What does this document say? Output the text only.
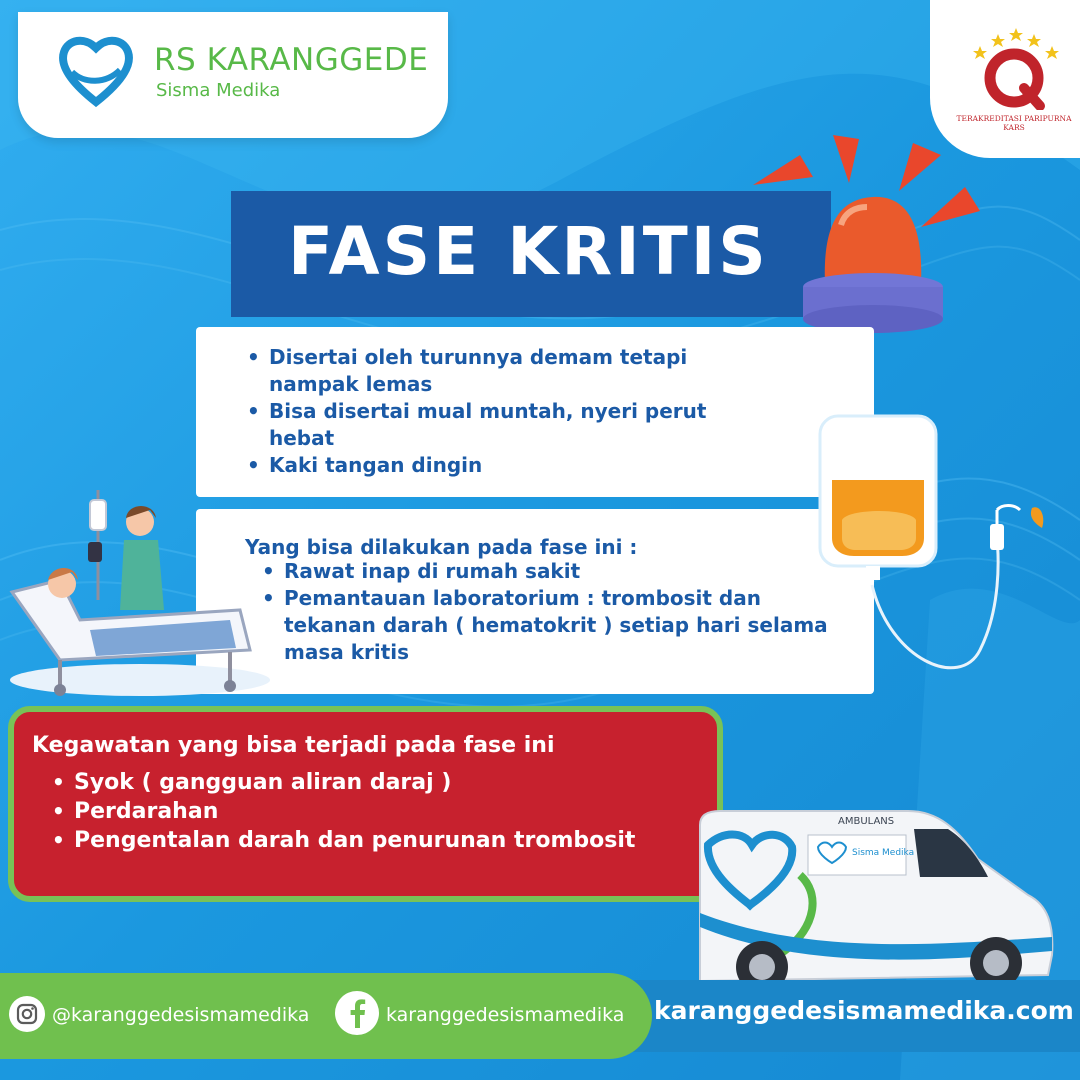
RS KARANGGEDE
Sisma Medika
TERAKREDITASI PARIPURNA KARS
FASE KRITIS
• Disertai oleh turunnya demam tetapi nampak lemas
• Bisa disertai mual muntah, nyeri perut hebat
• Kaki tangan dingin
Yang bisa dilakukan pada fase ini :
• Rawat inap di rumah sakit
• Pemantauan laboratorium : trombosit dan tekanan darah ( hematokrit ) setiap hari selama masa kritis
Kegawatan yang bisa terjadi pada fase ini
• Syok ( gangguan aliran daraj )
• Perdarahan
• Pengentalan darah dan penurunan trombosit
AMBULANS
Sisma Medika
@karanggedesismamedika	karanggedesismamedika karanggedesismamedika.com
